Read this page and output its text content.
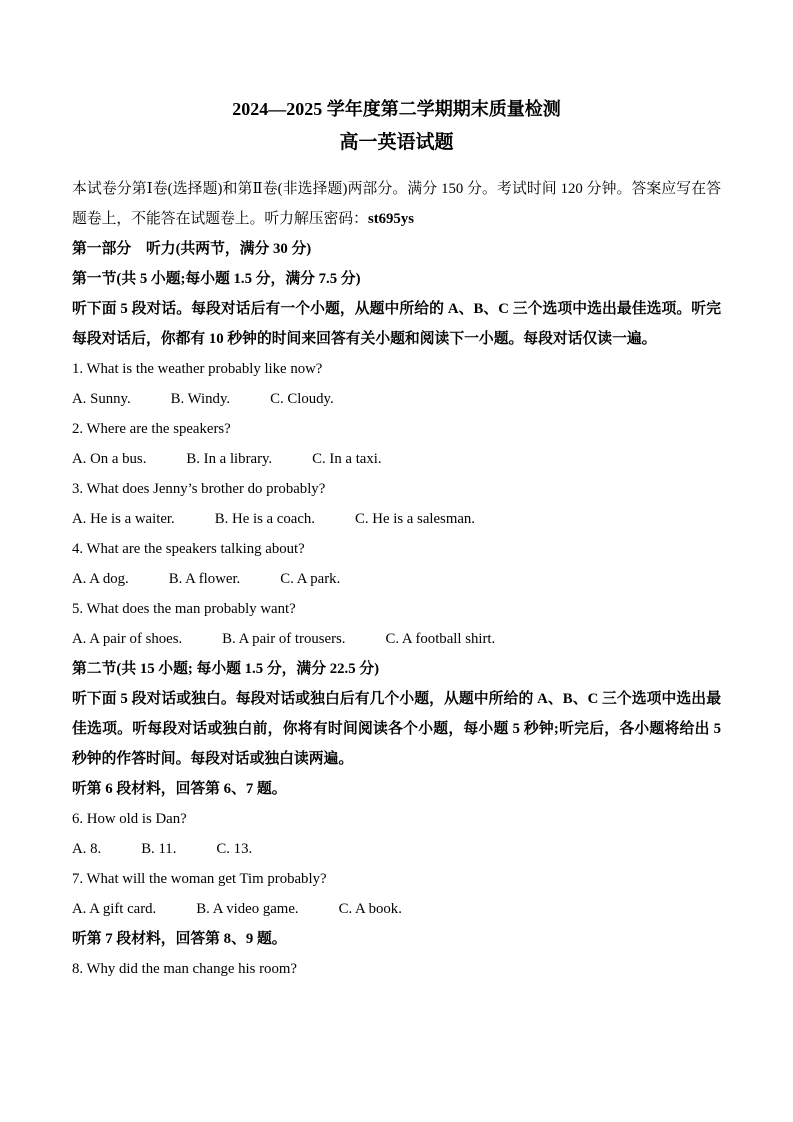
2024—2025 学年度第二学期期末质量检测
高一英语试题

本试卷分第Ⅰ卷(选择题)和第Ⅱ卷(非选择题)两部分。满分 150 分。考试时间 120 分钟。答案应写在答题卷上，不能答在试题卷上。听力解压密码：st695ys

第一部分　听力(共两节，满分 30 分)

第一节(共 5 小题;每小题 1.5 分，满分 7.5 分)

听下面 5 段对话。每段对话后有一个小题，从题中所给的 A、B、C 三个选项中选出最佳选项。听完每段对话后，你都有 10 秒钟的时间来回答有关小题和阅读下一小题。每段对话仅读一遍。

1. What is the weather probably like now?

A. Sunny.	B. Windy.	C. Cloudy.

2. Where are the speakers?

A. On a bus.	B. In a library.	C. In a taxi.

3. What does Jenny’s brother do probably?

A. He is a waiter.	B. He is a coach.	C. He is a salesman.

4. What are the speakers talking about?

A. A dog.	B. A flower.	C. A park.

5. What does the man probably want?

A. A pair of shoes.	B. A pair of trousers.	C. A football shirt.

第二节(共 15 小题; 每小题 1.5 分，满分 22.5 分)

听下面 5 段对话或独白。每段对话或独白后有几个小题，从题中所给的 A、B、C 三个选项中选出最佳选项。听每段对话或独白前，你将有时间阅读各个小题，每小题 5 秒钟;听完后，各小题将给出 5 秒钟的作答时间。每段对话或独白读两遍。

听第 6 段材料，回答第 6、7 题。

6. How old is Dan?

A. 8.	B. 11.	C. 13.

7. What will the woman get Tim probably?

A. A gift card.	B. A video game.	C. A book.

听第 7 段材料，回答第 8、9 题。

8. Why did the man change his room?
